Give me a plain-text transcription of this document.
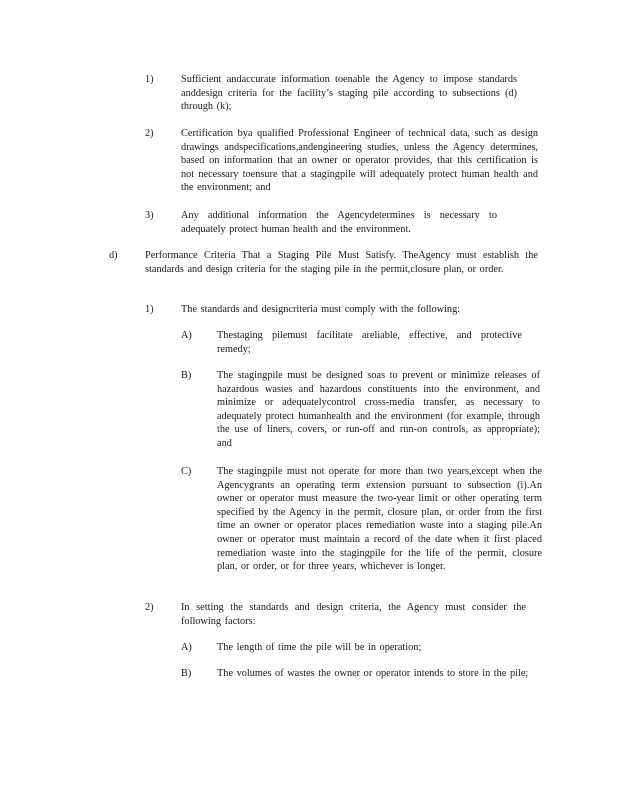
1)	Sufficient andaccurate information toenable the Agency to impose standards anddesign criteria for the facility’s staging pile according to subsections (d) through (k);

2)	Certification bya qualified Professional Engineer of technical data, such as design drawings andspecifications,andengineering studies, unless the Agency determines, based on information that an owner or operator provides, that this certification is not necessary toensure that a stagingpile will adequately protect human health and the environment; and

3)	Any additional information the Agencydetermines is necessary to adequately protect human health and the environment.

d)	Performance Criteria That a Staging Pile Must Satisfy. TheAgency must establish the standards and design criteria for the staging pile in the permit,closure plan, or order.

1)	The standards and designcriteria must comply with the following:

A) Thestaging pilemust facilitate areliable, effective, and protective remedy;

B) The stagingpile must be designed soas to prevent or minimize releases of hazardous wastes and hazardous constituents into the environment, and minimize or adequatelycontrol cross-media transfer, as necessary to adequately protect humanhealth and the environment (for example, through the use of liners, covers, or run-off and run-on controls, as appropriate); and

C) The stagingpile must not operate for more than two years,except when the Agencygrants an operating term extension pursuant to subsection (i).An owner or operator must measure the two-year limit or other operating term specified by the Agency in the permit, closure plan, or order from the first time an owner or operator places remediation waste into a staging pile.An owner or operator must maintain a record of the date when it first placed remediation waste into the stagingpile for the life of the permit, closure plan, or order, or for three years, whichever is longer.

2)	In setting the standards and design criteria, the Agency must consider the following factors:

A) The length of time the pile will be in operation;

B) The volumes of wastes the owner or operator intends to store in the pile;
